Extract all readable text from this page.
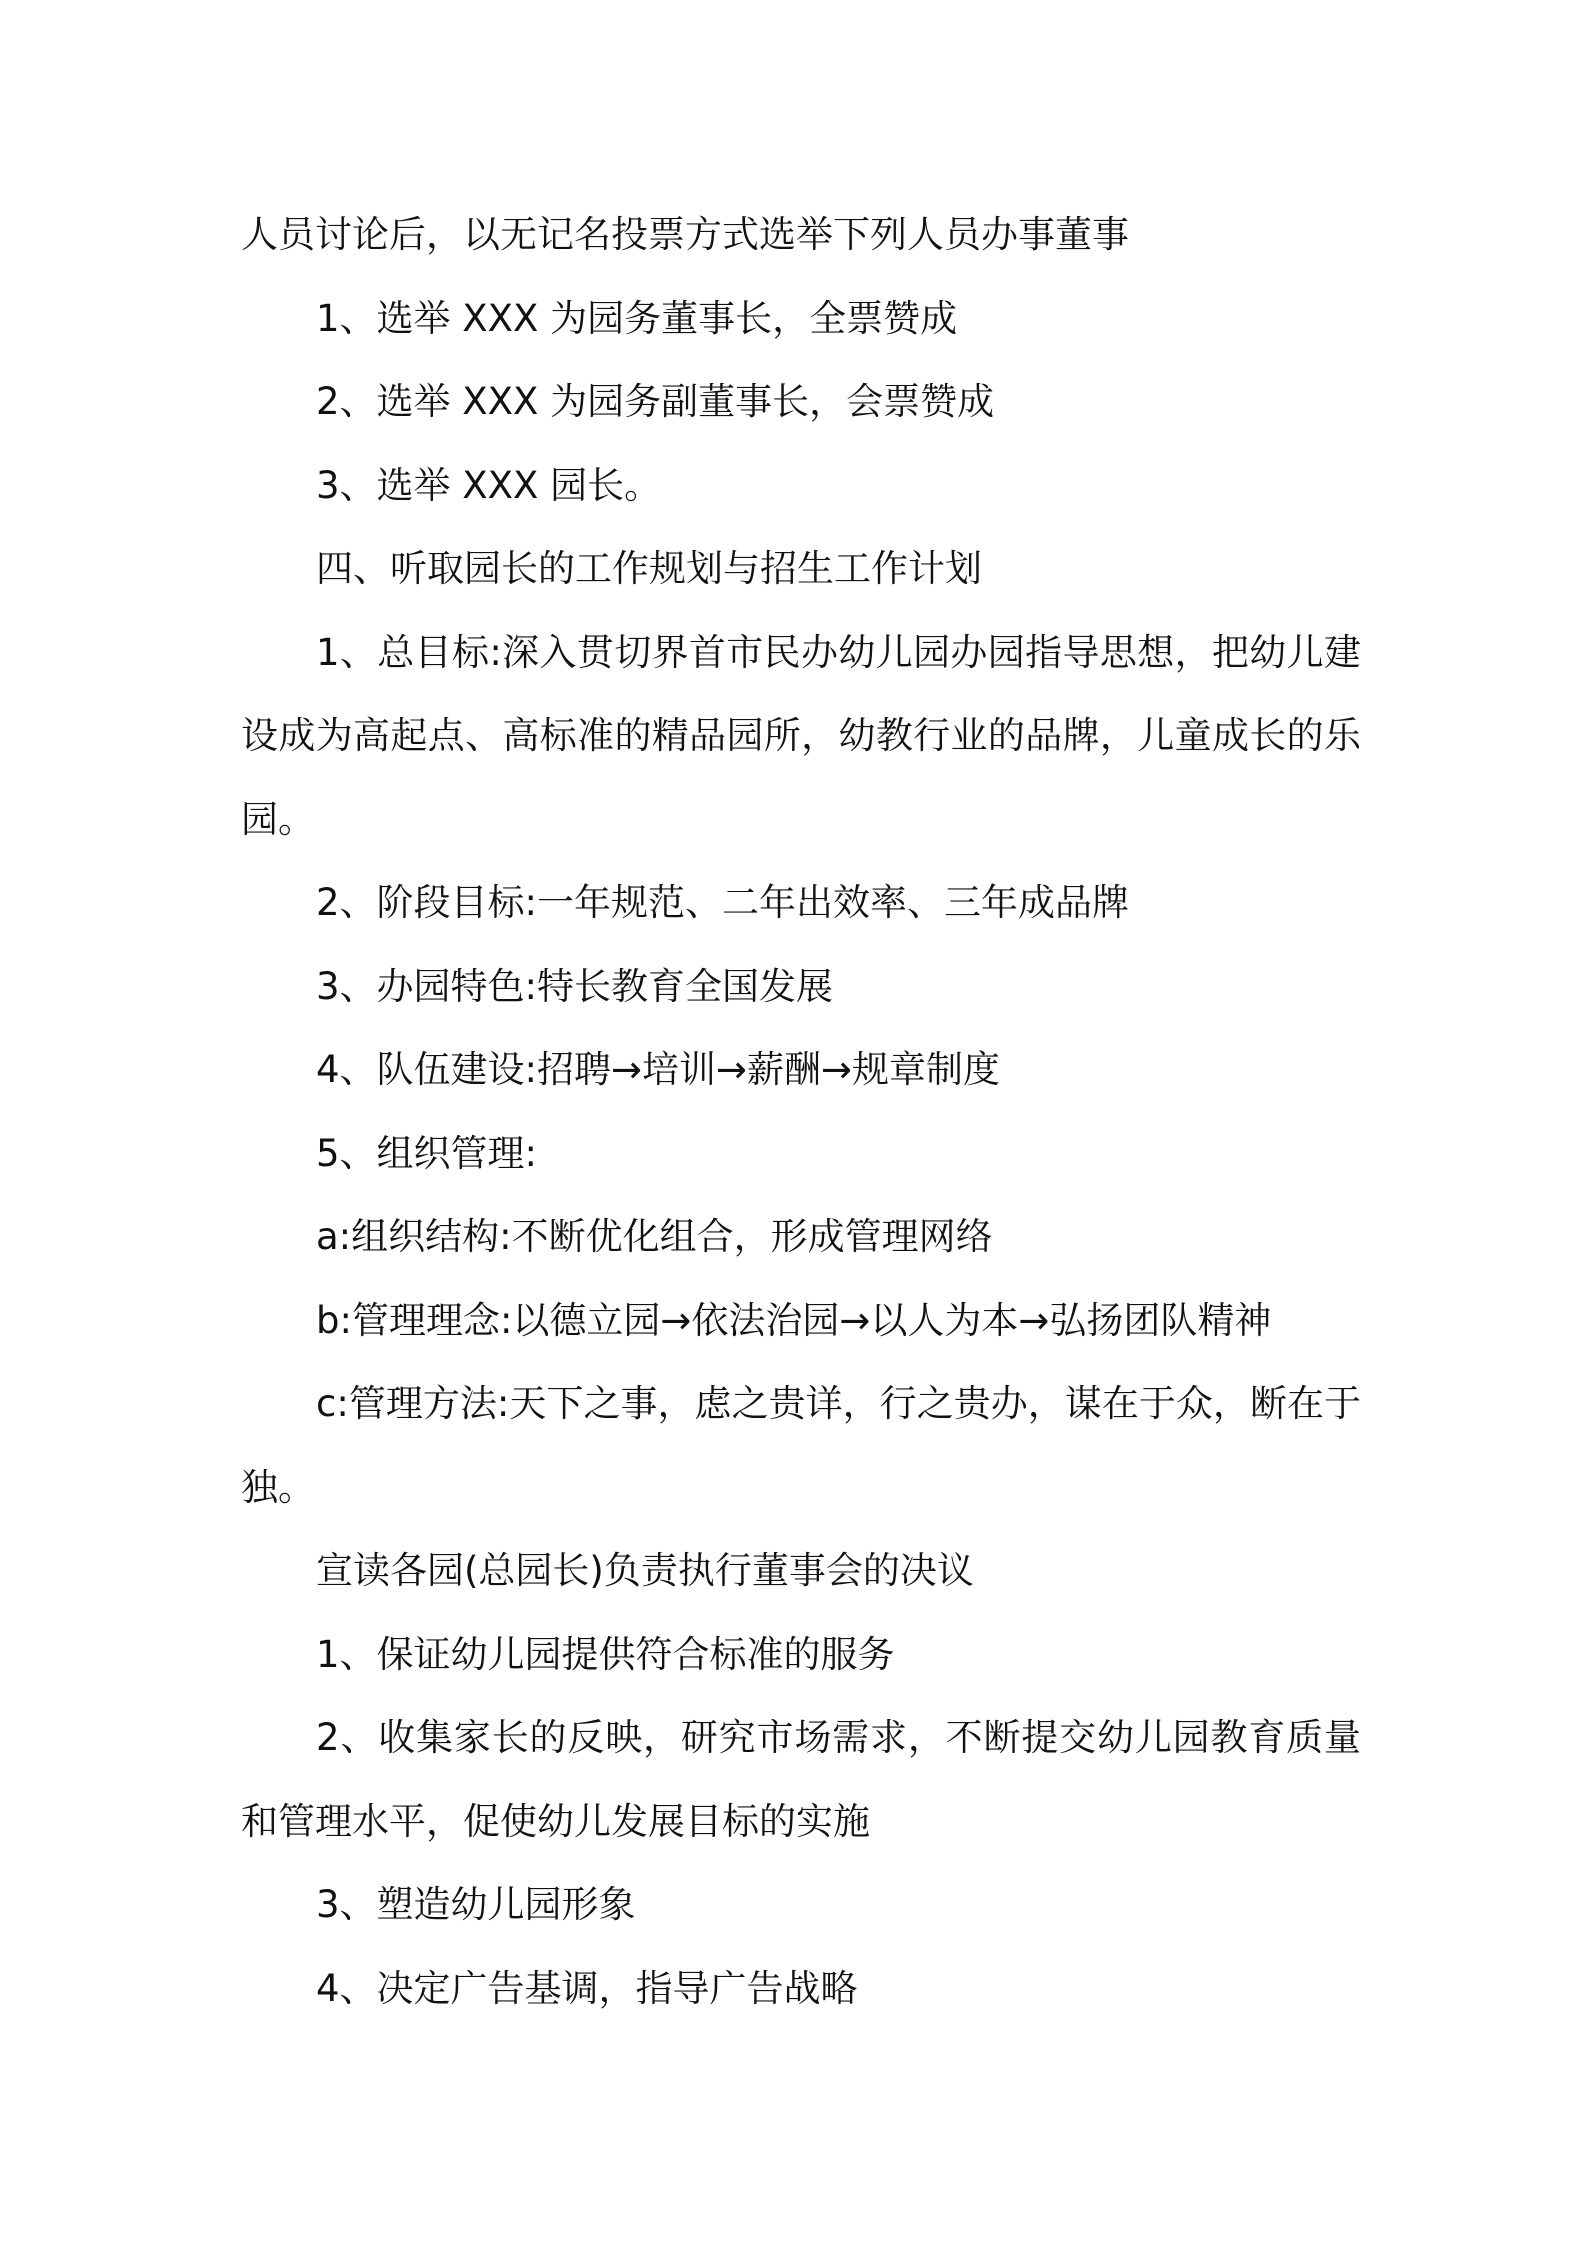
人员讨论后，以无记名投票方式选举下列人员办事董事

1、选举 XXX 为园务董事长，全票赞成

2、选举 XXX 为园务副董事长，会票赞成

3、选举 XXX 园长。

四、听取园长的工作规划与招生工作计划

1、总目标:深入贯切界首市民办幼儿园办园指导思想，把幼儿建设成为高起点、高标准的精品园所，幼教行业的品牌，儿童成长的乐园。

2、阶段目标:一年规范、二年出效率、三年成品牌

3、办园特色:特长教育全国发展

4、队伍建设:招聘→培训→薪酬→规章制度

5、组织管理:

a:组织结构:不断优化组合，形成管理网络

b:管理理念:以德立园→依法治园→以人为本→弘扬团队精神

c:管理方法:天下之事，虑之贵详，行之贵办，谋在于众，断在于独。

宣读各园(总园长)负责执行董事会的决议

1、保证幼儿园提供符合标准的服务

2、收集家长的反映，研究市场需求，不断提交幼儿园教育质量和管理水平，促使幼儿发展目标的实施

3、塑造幼儿园形象

4、决定广告基调，指导广告战略
